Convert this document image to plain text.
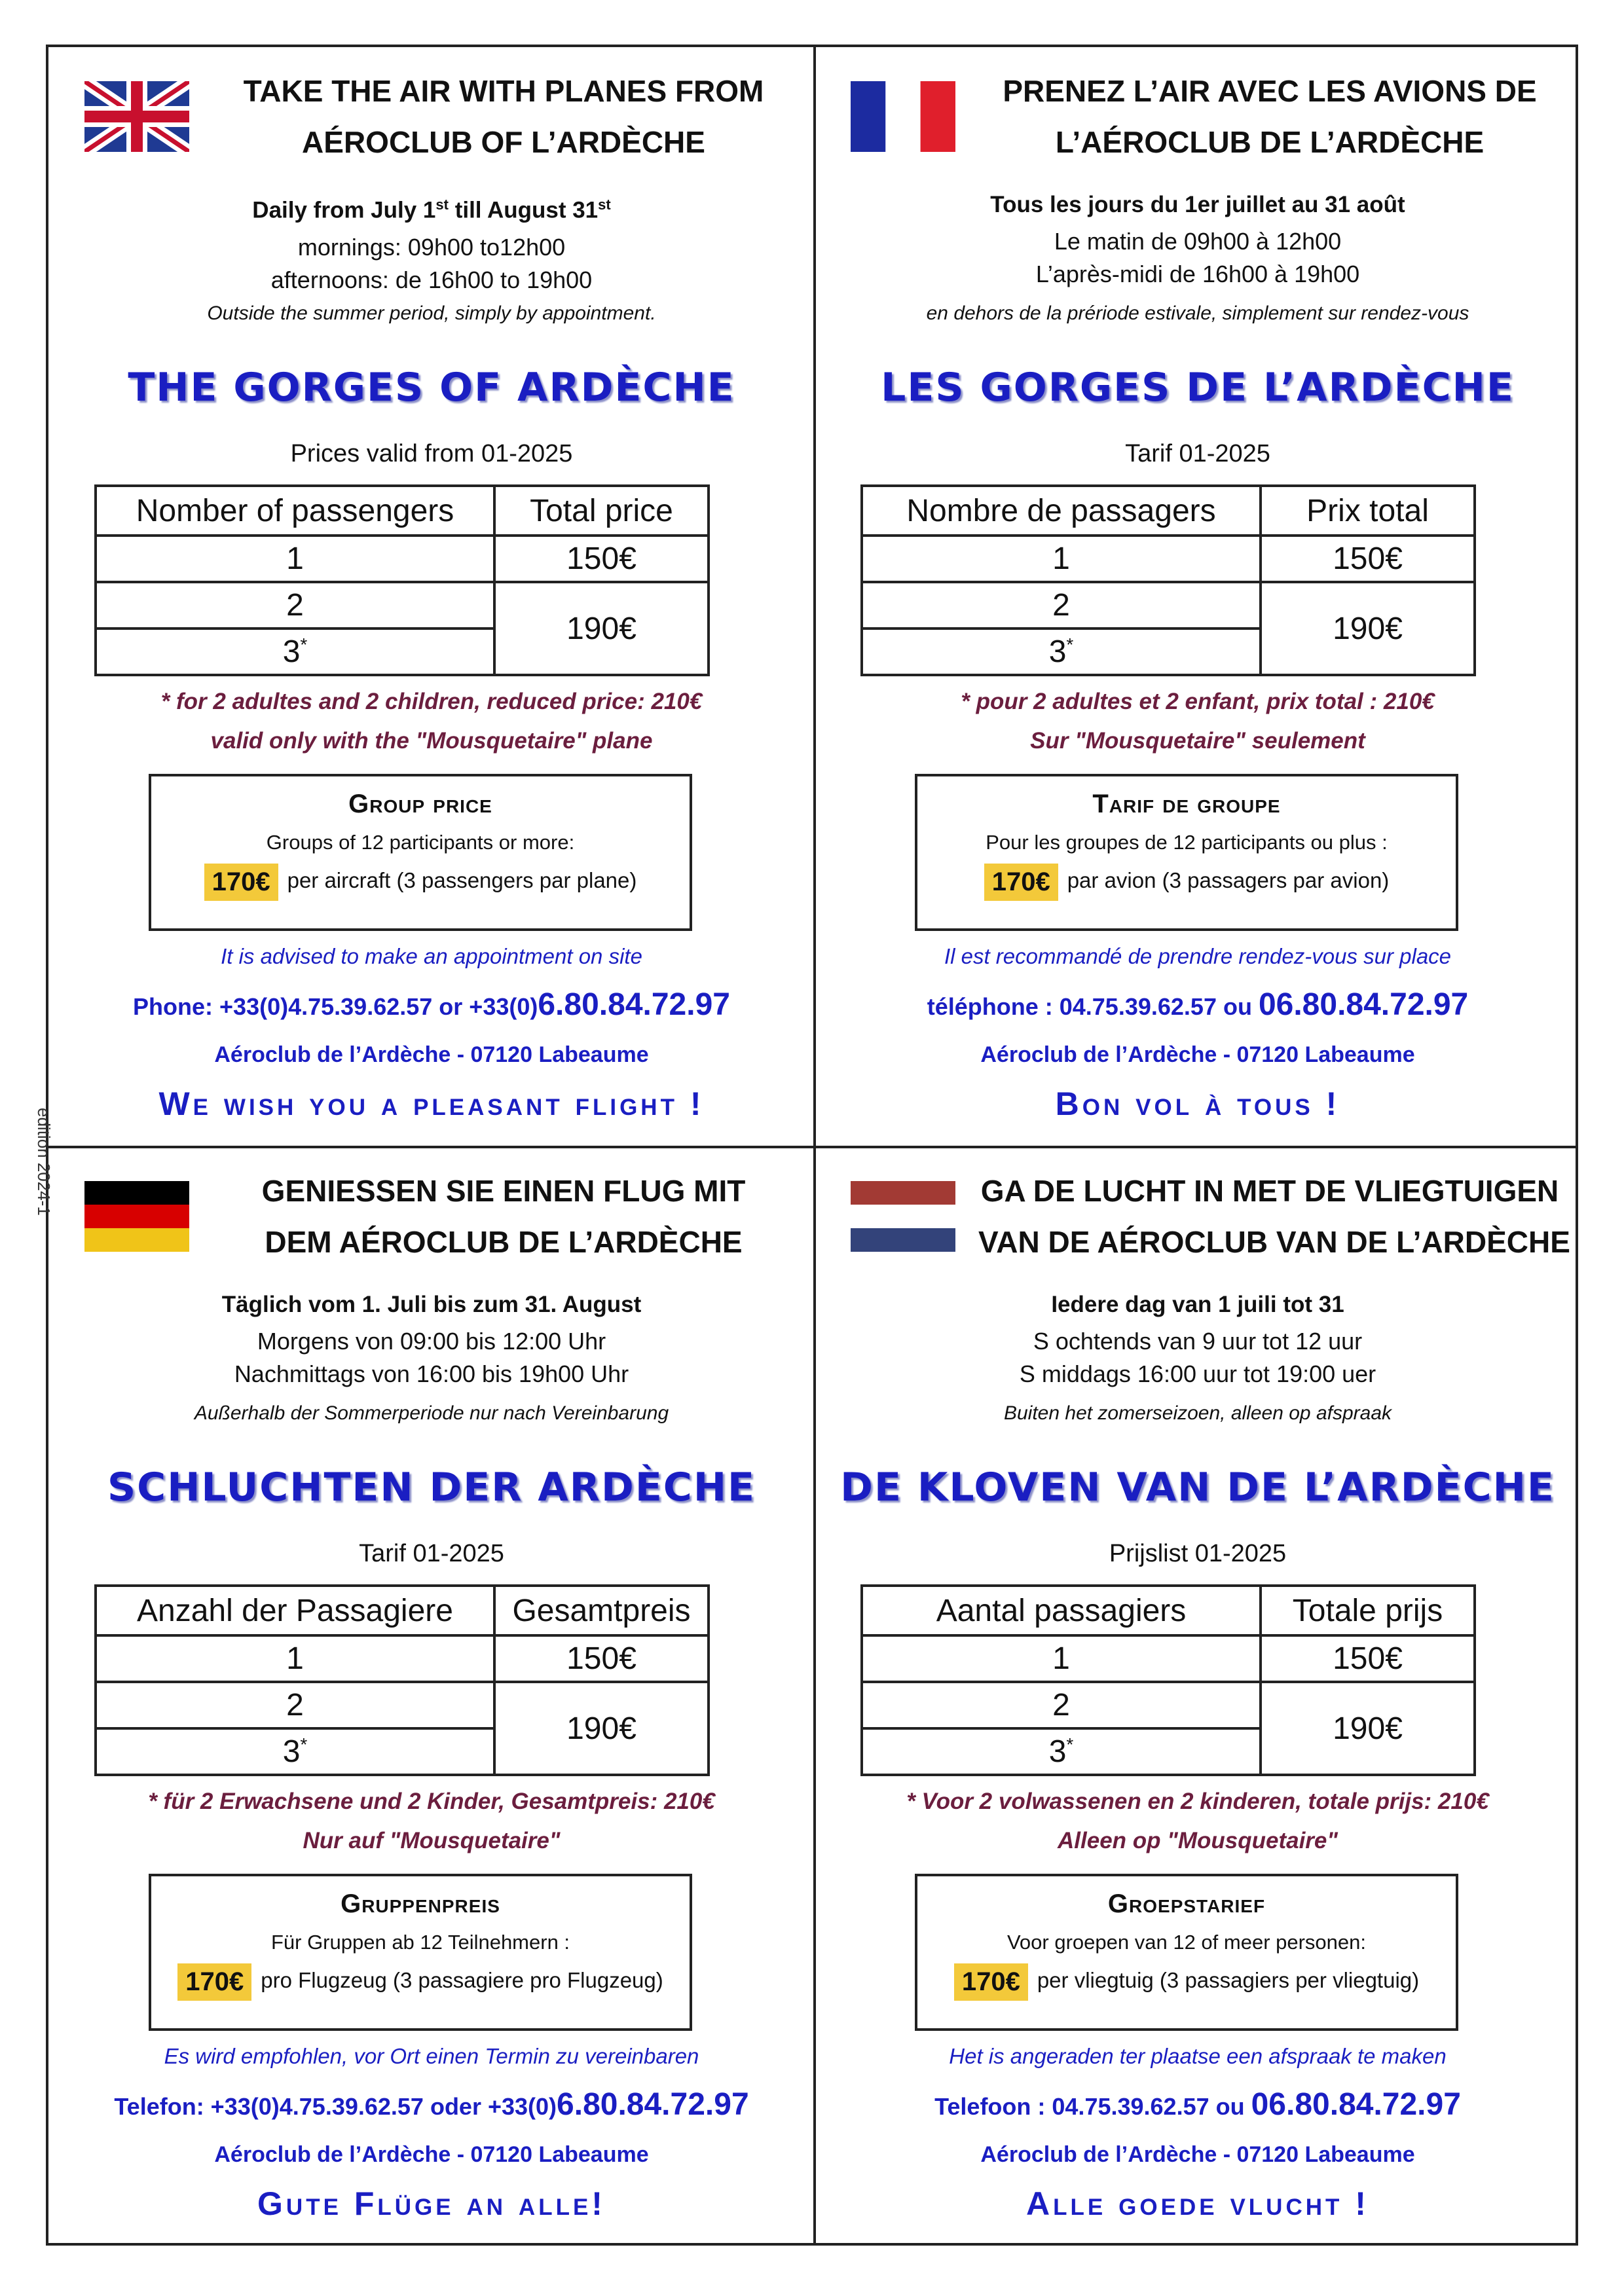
edition 2024-1
TAKE THE AIR WITH PLANES FROM
AÉROCLUB OF L’ARDÈCHE
Daily from July 1st till August 31st
mornings: 09h00 to12h00
afternoons: de 16h00 to 19h00
Outside the summer period, simply by appointment.
THE GORGES OF ARDÈCHE
Prices valid from 01-2025
Nomber of passengers	Total price
1	150€
2	190€
3*
* for 2 adultes and 2 children, reduced price: 210€
valid only with the "Mousquetaire" plane
Group price
Groups of 12 participants or more:
170€ per aircraft (3 passengers par plane)
It is advised to make an appointment on site
Phone: +33(0)4.75.39.62.57 or +33(0)6.80.84.72.97
Aéroclub de l’Ardèche - 07120 Labeaume
We wish you a pleasant flight !
PRENEZ L’AIR AVEC LES AVIONS DE
L’AÉROCLUB DE L’ARDÈCHE
Tous les jours du 1er juillet au 31 août
Le matin de 09h00 à 12h00
L’après-midi de 16h00 à 19h00
en dehors de la prériode estivale, simplement sur rendez-vous
LES GORGES DE L’ARDÈCHE
Tarif 01-2025
Nombre de passagers	Prix total
1	150€
2	190€
3*
* pour 2 adultes et 2 enfant, prix total : 210€
Sur "Mousquetaire" seulement
Tarif de groupe
Pour les groupes de 12 participants ou plus :
170€ par avion (3 passagers par avion)
Il est recommandé de prendre rendez-vous sur place
téléphone : 04.75.39.62.57 ou 06.80.84.72.97
Aéroclub de l’Ardèche - 07120 Labeaume
Bon vol à tous !
GENIESSEN SIE EINEN FLUG MIT
DEM AÉROCLUB DE L’ARDÈCHE
Täglich vom 1. Juli bis zum 31. August
Morgens von 09:00 bis 12:00 Uhr
Nachmittags von 16:00 bis 19h00 Uhr
Außerhalb der Sommerperiode nur nach Vereinbarung
SCHLUCHTEN DER ARDÈCHE
Tarif 01-2025
Anzahl der Passagiere	Gesamtpreis
1	150€
2	190€
3*
* für 2 Erwachsene und 2 Kinder, Gesamtpreis: 210€
Nur auf "Mousquetaire"
Gruppenpreis
Für Gruppen ab 12 Teilnehmern :
170€ pro Flugzeug (3 passagiere pro Flugzeug)
Es wird empfohlen, vor Ort einen Termin zu vereinbaren
Telefon: +33(0)4.75.39.62.57 oder +33(0)6.80.84.72.97
Aéroclub de l’Ardèche - 07120 Labeaume
Gute Flüge an alle!
GA DE LUCHT IN MET DE VLIEGTUIGEN
VAN DE AÉROCLUB VAN DE L’ARDÈCHE
Iedere dag van 1 juili tot 31
S ochtends van 9 uur tot 12 uur
S middags 16:00 uur tot 19:00 uer
Buiten het zomerseizoen, alleen op afspraak
DE KLOVEN VAN DE L’ARDÈCHE
Prijslist 01-2025
Aantal passagiers	Totale prijs
1	150€
2	190€
3*
* Voor 2 volwassenen en 2 kinderen, totale prijs: 210€
Alleen op "Mousquetaire"
Groepstarief
Voor groepen van 12 of meer personen:
170€ per vliegtuig (3 passagiers per vliegtuig)
Het is angeraden ter plaatse een afspraak te maken
Telefoon : 04.75.39.62.57 ou 06.80.84.72.97
Aéroclub de l’Ardèche - 07120 Labeaume
Alle goede vlucht !
